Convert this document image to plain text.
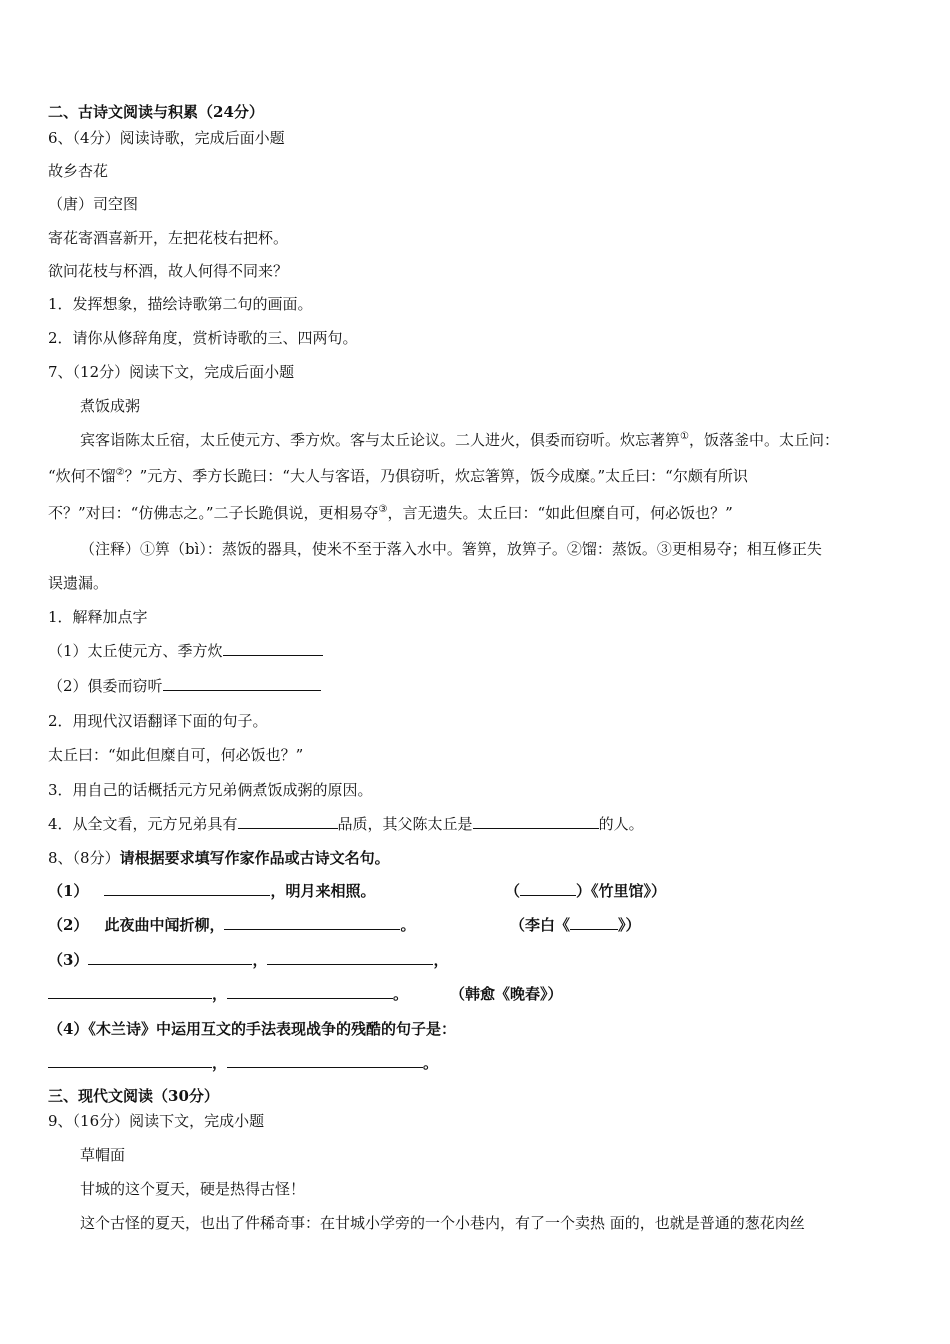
二、古诗文阅读与积累（24分）
6、（4分）阅读诗歌，完成后面小题
故乡杏花
（唐）司空图
寄花寄酒喜新开，左把花枝右把杯。
欲问花枝与杯酒，故人何得不同来？
1．发挥想象，描绘诗歌第二句的画面。
2．请你从修辞角度，赏析诗歌的三、四两句。
7、（12分）阅读下文，完成后面小题
煮饭成粥
宾客诣陈太丘宿，太丘使元方、季方炊。客与太丘论议。二人进火，俱委而窃听。炊忘著箅①，饭落釜中。太丘问：
“炊何不馏②？”元方、季方长跪曰：“大人与客语，乃俱窃听，炊忘箸箅，饭今成糜。”太丘曰：“尔颇有所识
不？”对曰：“仿佛志之。”二子长跪俱说，更相易夺③，言无遗失。太丘曰：“如此但糜自可，何必饭也？”
（注释）①箅（bì）：蒸饭的器具，使米不至于落入水中。箸箅，放箅子。②馏：蒸饭。③更相易夺；相互修正失
误遗漏。
1．解释加点字
（1）太丘使元方、季方炊
（2）俱委而窃听
2．用现代汉语翻译下面的句子。
太丘曰：“如此但糜自可，何必饭也？”
3．用自己的话概括元方兄弟俩煮饭成粥的原因。
4．从全文看，元方兄弟具有	品质，其父陈太丘是	的人。
8、（8分）请根据要求填写作家作品或古诗文名句。
（1）	，明月来相照。	（	）《竹里馆》）
（2） 此夜曲中闻折柳，	。	（李白《	》）
（3）	，	，
，	。	（韩愈《晚春》）
（4）《木兰诗》中运用互文的手法表现战争的残酷的句子是：
，	。
三、现代文阅读（30分）
9、（16分）阅读下文，完成小题
草帽面
甘城的这个夏天，硬是热得古怪！
这个古怪的夏天，也出了件稀奇事：在甘城小学旁的一个小巷内，有了一个卖热 面的，也就是普通的葱花肉丝
